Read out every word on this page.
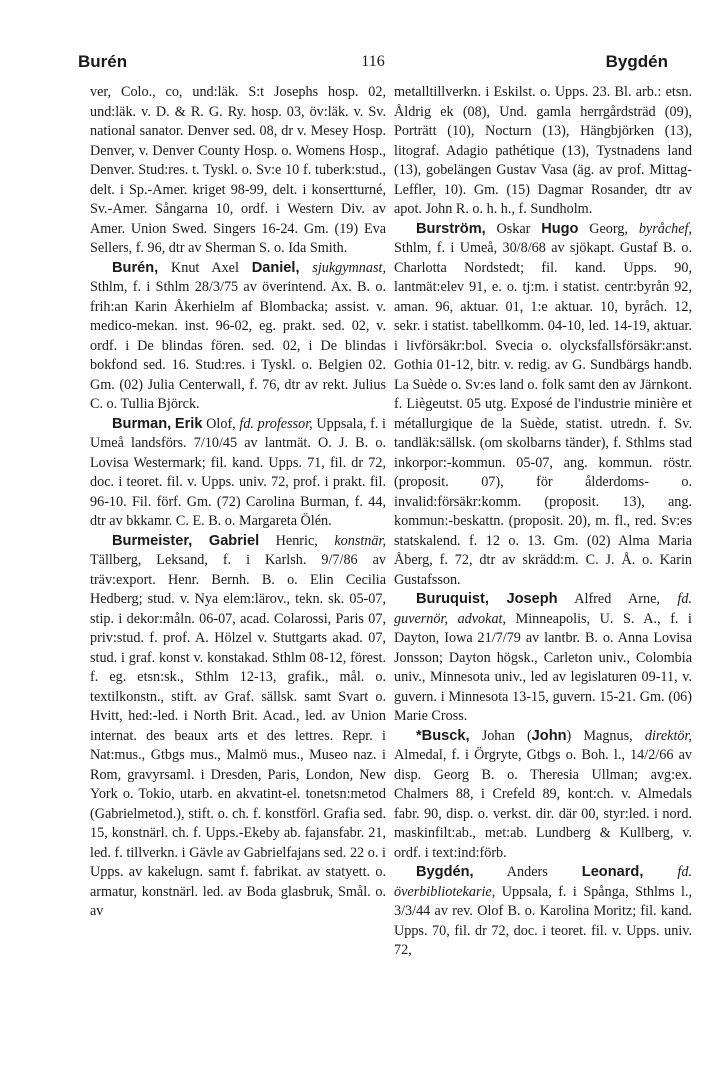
Burén	116	Bygdén

ver, Colo., co, und:läk. S:t Josephs hosp. 02, und:läk. v. D. & R. G. Ry. hosp. 03, öv:läk. v. Sv. national sanator. Denver sed. 08, dr v. Mesey Hosp. Denver, v. Denver County Hosp. o. Womens Hosp., Denver. Stud:res. t. Tyskl. o. Sv:e 10 f. tuberk:stud., delt. i Sp.-Amer. kriget 98-99, delt. i konsertturné, Sv.-Amer. Sångarna 10, ordf. i Western Div. av Amer. Union Swed. Singers 16-24. Gm. (19) Eva Sellers, f. 96, dtr av Sherman S. o. Ida Smith.

Burén, Knut Axel Daniel, sjukgymnast, Sthlm, f. i Sthlm 28/3/75 av överintend. Ax. B. o. frih:an Karin Åkerhielm af Blombacka; assist. v. medico-mekan. inst. 96-02, eg. prakt. sed. 02, v. ordf. i De blindas fören. sed. 02, i De blindas bokfond sed. 16. Stud:res. i Tyskl. o. Belgien 02. Gm. (02) Julia Centerwall, f. 76, dtr av rekt. Julius C. o. Tullia Björck.

Burman, Erik Olof, fd. professor, Uppsala, f. i Umeå landsförs. 7/10/45 av lantmät. O. J. B. o. Lovisa Westermark; fil. kand. Upps. 71, fil. dr 72, doc. i teoret. fil. v. Upps. univ. 72, prof. i prakt. fil. 96-10. Fil. förf. Gm. (72) Carolina Burman, f. 44, dtr av bkkamr. C. E. B. o. Margareta Ölén.

Burmeister, Gabriel Henric, konstnär, Tällberg, Leksand, f. i Karlsh. 9/7/86 av träv:export. Henr. Bernh. B. o. Elin Cecilia Hedberg; stud. v. Nya elem:lärov., tekn. sk. 05-07, stip. i dekor:måln. 06-07, acad. Colarossi, Paris 07, priv:stud. f. prof. A. Hölzel v. Stuttgarts akad. 07, stud. i graf. konst v. konstakad. Sthlm 08-12, förest. f. eg. etsn:sk., Sthlm 12-13, grafik., mål. o. textilkonstn., stift. av Graf. sällsk. samt Svart o. Hvitt, hed:-led. i North Brit. Acad., led. av Union internat. des beaux arts et des lettres. Repr. i Nat:mus., Gtbgs mus., Malmö mus., Museo naz. i Rom, gravyrsaml. i Dresden, Paris, London, New York o. Tokio, utarb. en akvatint-el. tonetsn:metod (Gabrielmetod.), stift. o. ch. f. konstförl. Grafia sed. 15, konstnärl. ch. f. Upps.-Ekeby ab. fajansfabr. 21, led. f. tillverkn. i Gävle av Gabrielfajans sed. 22 o. i Upps. av kakelugn. samt f. fabrikat. av statyett. o. armatur, konstnärl. led. av Boda glasbruk, Smål. o. av

metalltillverkn. i Eskilst. o. Upps. 23. Bl. arb.: etsn. Åldrig ek (08), Und. gamla herrgårdsträd (09), Porträtt (10), Nocturn (13), Hängbjörken (13), litograf. Adagio pathétique (13), Tystnadens land (13), gobelängen Gustav Vasa (äg. av prof. Mittag-Leffler, 10). Gm. (15) Dagmar Rosander, dtr av apot. John R. o. h. h., f. Sundholm.

Burström, Oskar Hugo Georg, byråchef, Sthlm, f. i Umeå, 30/8/68 av sjökapt. Gustaf B. o. Charlotta Nordstedt; fil. kand. Upps. 90, lantmät:elev 91, e. o. tj:m. i statist. centr:byrån 92, aman. 96, aktuar. 01, 1:e aktuar. 10, byråch. 12, sekr. i statist. tabellkomm. 04-10, led. 14-19, aktuar. i livförsäkr:bol. Svecia o. olycksfallsförsäkr:anst. Gothia 01-12, bitr. v. redig. av G. Sundbärgs handb. La Suède o. Sv:es land o. folk samt den av Järnkont. f. Liègeutst. 05 utg. Exposé de l'industrie minière et métallurgique de la Suède, statist. utredn. f. Sv. tandläk:sällsk. (om skolbarns tänder), f. Sthlms stad inkorpor:-kommun. 05-07, ang. kommun. röstr. (proposit. 07), för ålderdoms- o. invalid:försäkr:komm. (proposit. 13), ang. kommun:-beskattn. (proposit. 20), m. fl., red. Sv:es statskalend. f. 12 o. 13. Gm. (02) Alma Maria Åberg, f. 72, dtr av skrädd:m. C. J. Å. o. Karin Gustafsson.

Buruquist, Joseph Alfred Arne, fd. guvernör, advokat, Minneapolis, U. S. A., f. i Dayton, Iowa 21/7/79 av lantbr. B. o. Anna Lovisa Jonsson; Dayton högsk., Carleton univ., Colombia univ., Minnesota univ., led av legislaturen 09-11, v. guvern. i Minnesota 13-15, guvern. 15-21. Gm. (06) Marie Cross.

*Busck, Johan (John) Magnus, direktör, Almedal, f. i Örgryte, Gtbgs o. Boh. l., 14/2/66 av disp. Georg B. o. Theresia Ullman; avg:ex. Chalmers 88, i Crefeld 89, kont:ch. v. Almedals fabr. 90, disp. o. verkst. dir. där 00, styr:led. i nord. maskinfilt:ab., met:ab. Lundberg & Kullberg, v. ordf. i text:ind:förb.

Bygdén, Anders Leonard, fd. överbibliotekarie, Uppsala, f. i Spånga, Sthlms l., 3/3/44 av rev. Olof B. o. Karolina Moritz; fil. kand. Upps. 70, fil. dr 72, doc. i teoret. fil. v. Upps. univ. 72,
